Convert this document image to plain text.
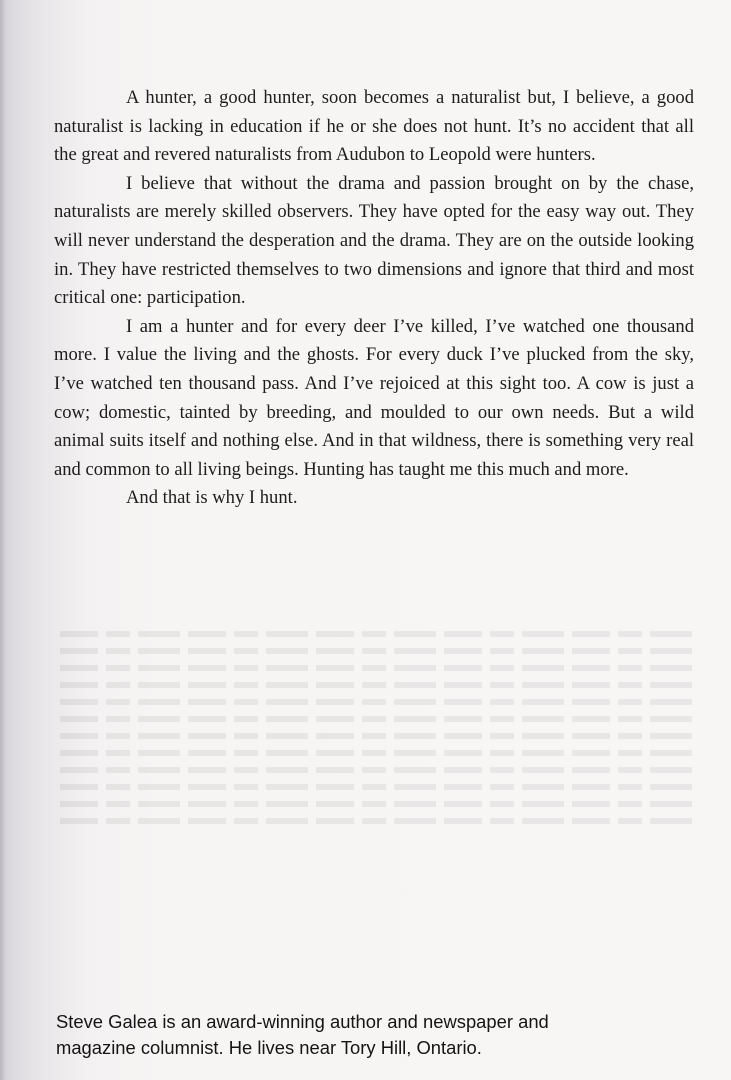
A hunter, a good hunter, soon becomes a naturalist but, I believe, a good naturalist is lacking in education if he or she does not hunt. It’s no accident that all the great and revered naturalists from Audubon to Leopold were hunters.

I believe that without the drama and passion brought on by the chase, naturalists are merely skilled observers. They have opted for the easy way out. They will never understand the desperation and the drama. They are on the outside looking in. They have restricted themselves to two dimensions and ignore that third and most critical one: participation.

I am a hunter and for every deer I’ve killed, I’ve watched one thousand more. I value the living and the ghosts. For every duck I’ve plucked from the sky, I’ve watched ten thousand pass. And I’ve rejoiced at this sight too. A cow is just a cow; domestic, tainted by breeding, and moulded to our own needs. But a wild animal suits itself and nothing else. And in that wildness, there is something very real and common to all living beings. Hunting has taught me this much and more.

And that is why I hunt.

Steve Galea is an award-winning author and newspaper and
magazine columnist. He lives near Tory Hill, Ontario.
